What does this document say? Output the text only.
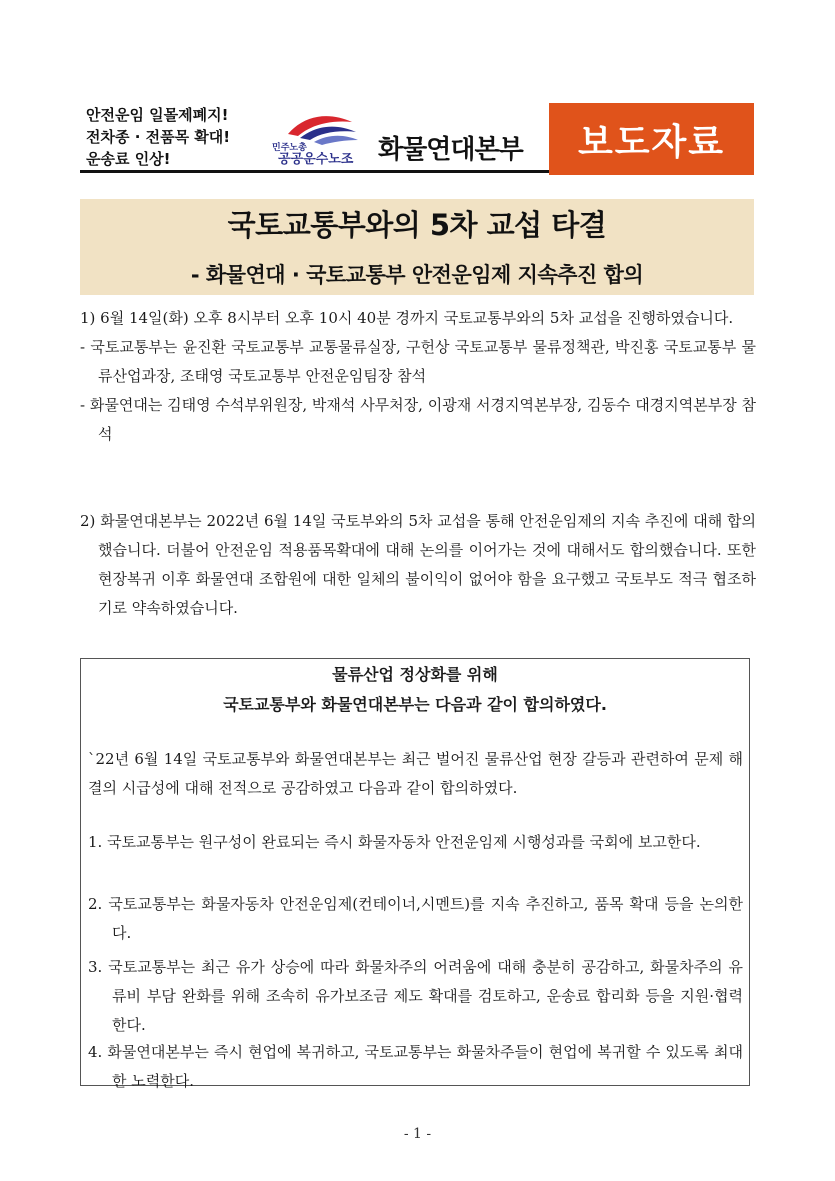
안전운임 일몰제폐지!
전차종 · 전품목 확대!
운송료 인상!
민주노총
공공운수노조 화물연대본부 보도자료
국토교통부와의 5차 교섭 타결
- 화물연대 · 국토교통부 안전운임제 지속추진 합의
1) 6월 14일(화) 오후 8시부터 오후 10시 40분 경까지 국토교통부와의 5차 교섭을 진행하였습니다.
- 국토교통부는 윤진환 국토교통부 교통물류실장, 구헌상 국토교통부 물류정책관, 박진홍 국토교통부 물류산업과장, 조태영 국토교통부 안전운임팀장 참석
- 화물연대는 김태영 수석부위원장, 박재석 사무처장, 이광재 서경지역본부장, 김동수 대경지역본부장 참석
2) 화물연대본부는 2022년 6월 14일 국토부와의 5차 교섭을 통해 안전운임제의 지속 추진에 대해 합의했습니다. 더불어 안전운임 적용품목확대에 대해 논의를 이어가는 것에 대해서도 합의했습니다. 또한 현장복귀 이후 화물연대 조합원에 대한 일체의 불이익이 없어야 함을 요구했고 국토부도 적극 협조하기로 약속하였습니다.
물류산업 정상화를 위해
국토교통부와 화물연대본부는 다음과 같이 합의하였다.
`22년 6월 14일 국토교통부와 화물연대본부는 최근 벌어진 물류산업 현장 갈등과 관련하여 문제 해결의 시급성에 대해 전적으로 공감하였고 다음과 같이 합의하였다.
1. 국토교통부는 원구성이 완료되는 즉시 화물자동차 안전운임제 시행성과를 국회에 보고한다.
2. 국토교통부는 화물자동차 안전운임제(컨테이너,시멘트)를 지속 추진하고, 품목 확대 등을 논의한다.
3. 국토교통부는 최근 유가 상승에 따라 화물차주의 어려움에 대해 충분히 공감하고, 화물차주의 유류비 부담 완화를 위해 조속히 유가보조금 제도 확대를 검토하고, 운송료 합리화 등을 지원·협력한다.
4. 화물연대본부는 즉시 현업에 복귀하고, 국토교통부는 화물차주들이 현업에 복귀할 수 있도록 최대한 노력한다.
- 1 -
